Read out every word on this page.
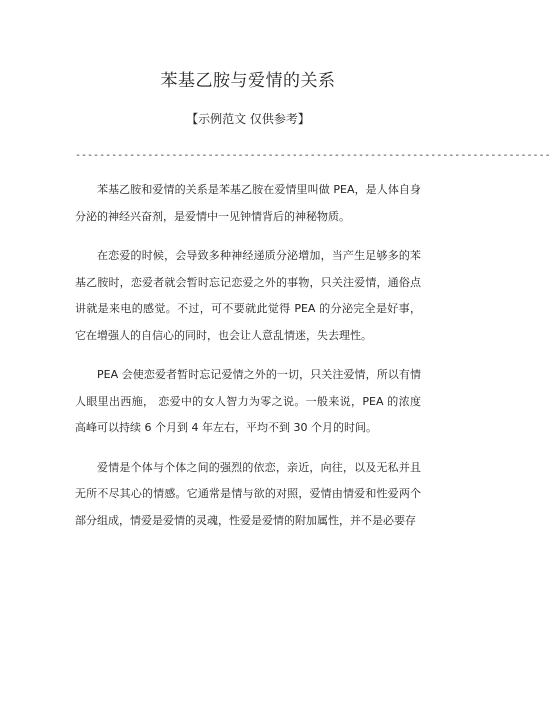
苯基乙胺与爱情的关系
【示例范文 仅供参考】
-------------------------------------------------------------------------------

苯基乙胺和爱情的关系是苯基乙胺在爱情里叫做 PEA，是人体自身分泌的神经兴奋剂，是爱情中一见钟情背后的神秘物质。

在恋爱的时候，会导致多种神经递质分泌增加，当产生足够多的苯基乙胺时，恋爱者就会暂时忘记恋爱之外的事物，只关注爱情，通俗点讲就是来电的感觉。不过，可不要就此觉得 PEA 的分泌完全是好事，它在增强人的自信心的同时，也会让人意乱情迷，失去理性。

PEA 会使恋爱者暂时忘记爱情之外的一切，只关注爱情，所以有情人眼里出西施， 恋爱中的女人智力为零之说。一般来说，PEA 的浓度高峰可以持续 6 个月到 4 年左右，平均不到 30 个月的时间。

爱情是个体与个体之间的强烈的依恋，亲近，向往，以及无私并且无所不尽其心的情感。它通常是情与欲的对照，爱情由情爱和性爱两个部分组成，情爱是爱情的灵魂，性爱是爱情的附加属性，并不是必要存
